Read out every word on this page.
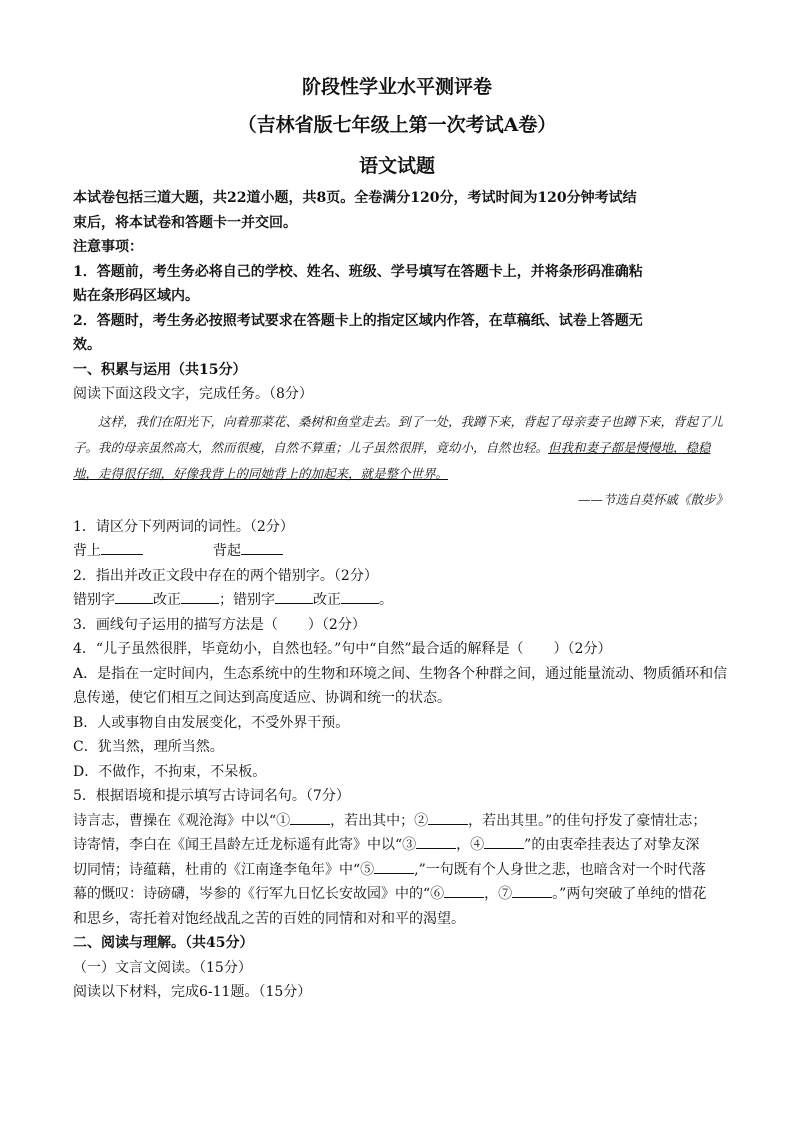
阶段性学业水平测评卷
（吉林省版七年级上第一次考试A卷）
语文试题

本试卷包括三道大题，共22道小题，共8页。全卷满分120分，考试时间为120分钟考试结

束后，将本试卷和答题卡一并交回。

注意事项：

1．答题前，考生务必将自己的学校、姓名、班级、学号填写在答题卡上，并将条形码准确粘

贴在条形码区域内。

2．答题时，考生务必按照考试要求在答题卡上的指定区域内作答，在草稿纸、试卷上答题无

效。

一、积累与运用（共15分）

阅读下面这段文字，完成任务。（8分）

这样，我们在阳光下，向着那菜花、桑树和鱼堂走去。到了一处，我蹲下来，背起了母亲妻子也蹲下来，背起了儿子。我的母亲虽然高大，然而很瘦，自然不算重；儿子虽然很胖，竟幼小，自然也轻。但我和妻子都是慢慢地，稳稳地，走得很仔细，好像我背上的同她背上的加起来，就是整个世界。

——节选自莫怀戚《散步》

1．请区分下列两词的词性。（2分）

背上	背起

2．指出并改正文段中存在的两个错别字。（2分）

错别字	改正	；错别字	改正	。

3．画线句子运用的描写方法是（ ）（2分）

4．“儿子虽然很胖，毕竟幼小，自然也轻。”句中“自然”最合适的解释是（ ）（2分）

A．是指在一定时间内，生态系统中的生物和环境之间、生物各个种群之间，通过能量流动、物质循环和信

息传递，使它们相互之间达到高度适应、协调和统一的状态。

B．人或事物自由发展变化，不受外界干预。

C．犹当然，理所当然。

D．不做作，不拘束，不呆板。

5．根据语境和提示填写古诗词名句。（7分）

诗言志，曹操在《观沧海》中以“①	，若出其中；②	，若出其里。”的佳句抒发了豪情壮志；

诗寄情，李白在《闻王昌龄左迁龙标遥有此寄》中以“③	，④	”的由衷牵挂表达了对挚友深

切同情；诗蕴藉，杜甫的《江南逢李龟年》中“⑤	,”一句既有个人身世之悲，也暗含对一个时代落

幕的慨叹：诗磅礴，岑参的《行军九日忆长安故园》中的“⑥	，⑦	。”两句突破了单纯的惜花

和思乡，寄托着对饱经战乱之苦的百姓的同情和对和平的渴望。

二、阅读与理解。（共45分）

（一）文言文阅读。（15分）

阅读以下材料，完成6-11题。（15分）
